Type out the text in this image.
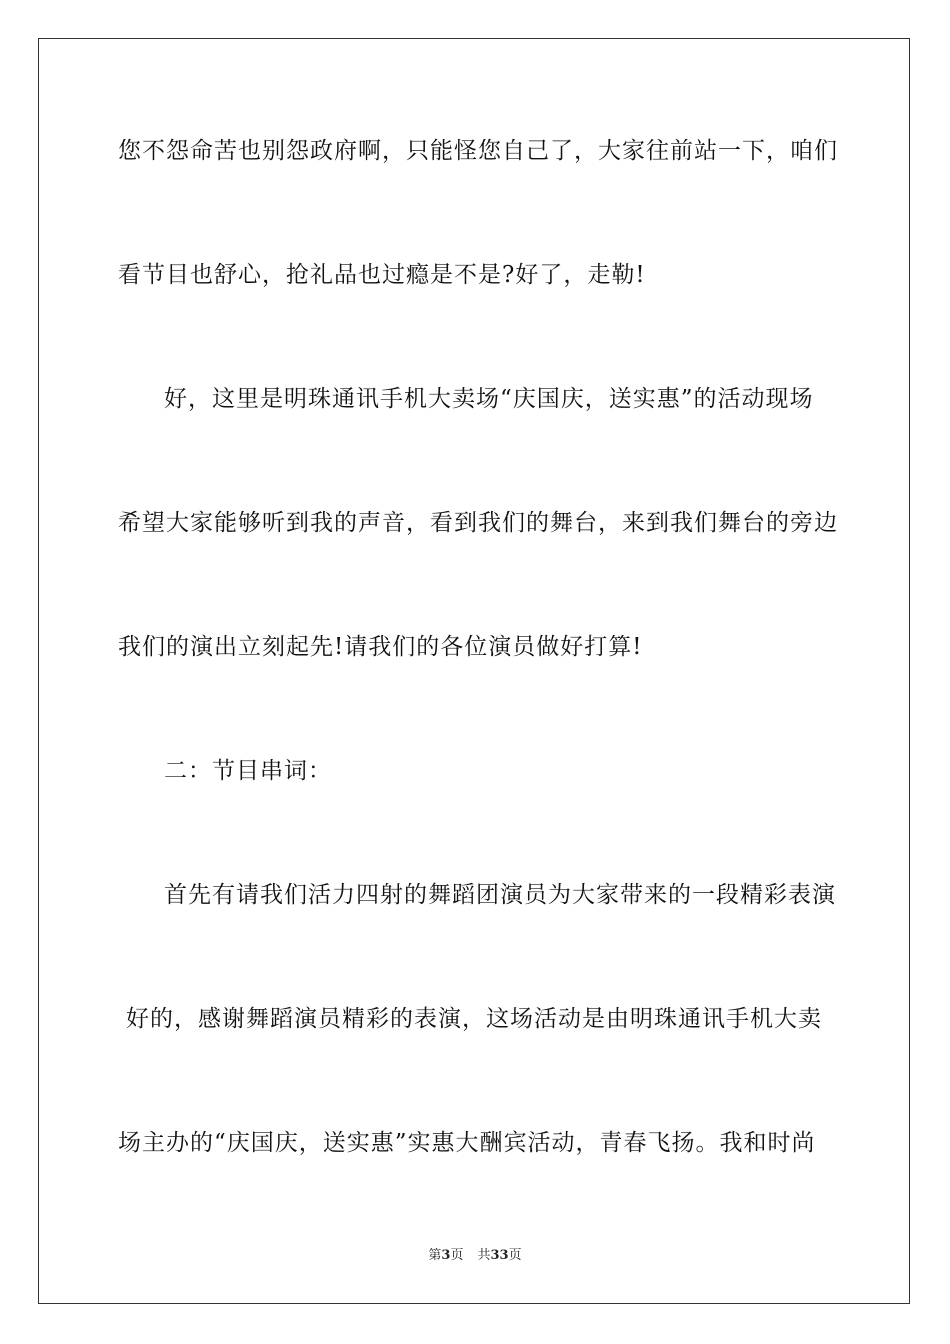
您不怨命苦也别怨政府啊，只能怪您自己了，大家往前站一下，咱们
看节目也舒心，抢礼品也过瘾是不是?好了，走勒!
好，这里是明珠通讯手机大卖场“庆国庆，送实惠”的活动现场
希望大家能够听到我的声音，看到我们的舞台，来到我们舞台的旁边
我们的演出立刻起先!请我们的各位演员做好打算!
二：节目串词：
首先有请我们活力四射的舞蹈团演员为大家带来的一段精彩表演
好的，感谢舞蹈演员精彩的表演，这场活动是由明珠通讯手机大卖
场主办的“庆国庆，送实惠”实惠大酬宾活动，青春飞扬。我和时尚
第3页 共33页
